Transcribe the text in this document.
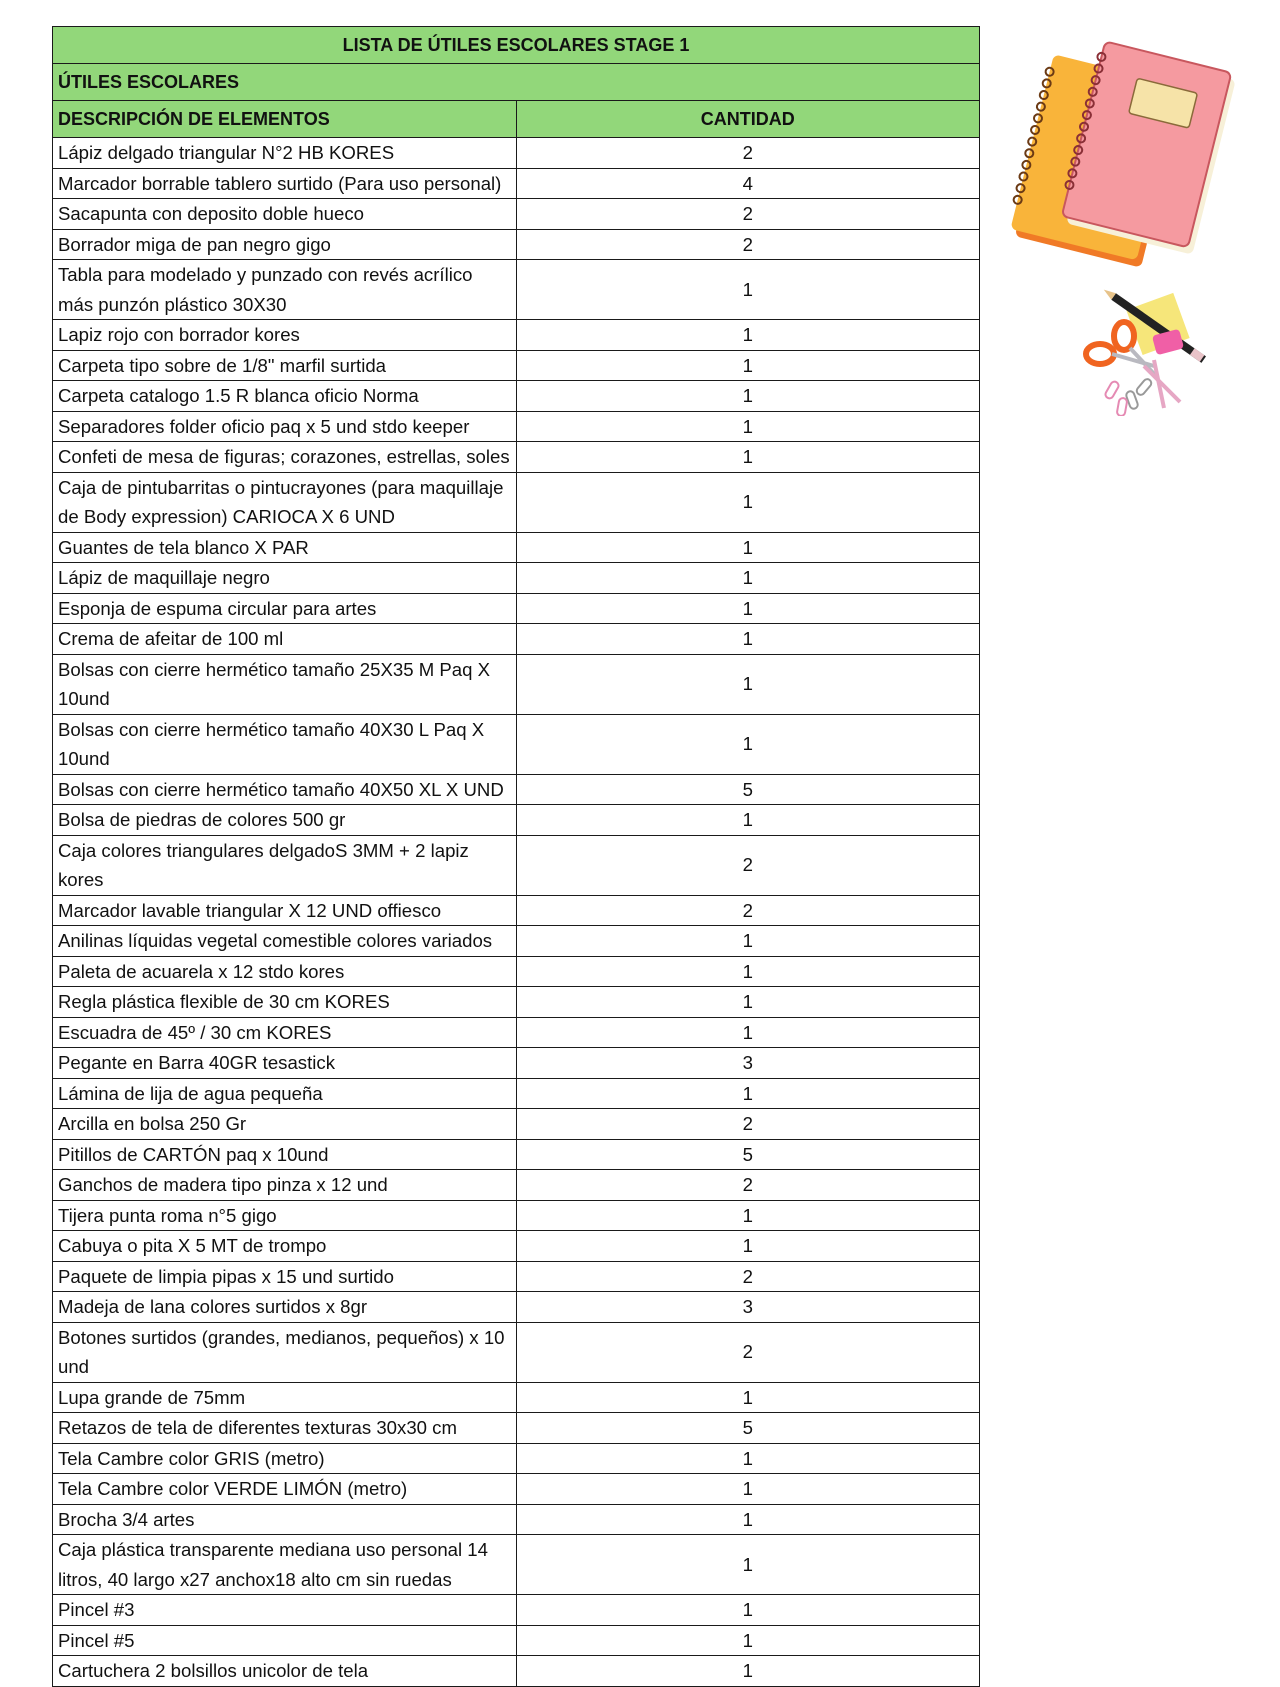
LISTA DE ÚTILES ESCOLARES STAGE 1	
ÚTILES ESCOLARES	
DESCRIPCIÓN DE ELEMENTOS	CANTIDAD
Lápiz delgado triangular N°2 HB KORES	2
Marcador borrable tablero surtido (Para uso personal)	4
Sacapunta con deposito doble hueco	2
Borrador miga de pan negro gigo	2
Tabla para modelado y punzado con revés acrílico más punzón plástico 30X30	1
Lapiz rojo con borrador kores	1
Carpeta tipo sobre de 1/8" marfil surtida	1
Carpeta catalogo 1.5 R blanca oficio Norma	1
Separadores folder oficio paq x 5 und stdo keeper	1
Confeti de mesa de figuras; corazones, estrellas, soles	1
Caja de pintubarritas o pintucrayones (para maquillaje de Body expression) CARIOCA X 6 UND	1
Guantes de tela blanco X PAR	1
Lápiz de maquillaje negro	1
Esponja de espuma circular para artes	1
Crema de afeitar de 100 ml	1
Bolsas con cierre hermético tamaño 25X35 M Paq X 10und	1
Bolsas con cierre hermético tamaño 40X30 L Paq X 10und	1
Bolsas con cierre hermético tamaño 40X50 XL X UND	5
Bolsa de piedras de colores 500 gr	1
Caja colores triangulares delgadoS 3MM + 2 lapiz kores	2
Marcador lavable triangular X 12 UND offiesco	2
Anilinas líquidas vegetal comestible colores variados	1
Paleta de acuarela x 12 stdo kores	1
Regla plástica flexible de 30 cm KORES	1
Escuadra de 45º / 30 cm KORES	1
Pegante en Barra 40GR tesastick	3
Lámina de lija de agua pequeña	1
Arcilla en bolsa 250 Gr	2
Pitillos de CARTÓN paq x 10und	5
Ganchos de madera tipo pinza x 12 und	2
Tijera punta roma n°5 gigo	1
Cabuya o pita X 5 MT de trompo	1
Paquete de limpia pipas x 15 und surtido	2
Madeja de lana colores surtidos x 8gr	3
Botones surtidos (grandes, medianos, pequeños) x 10 und	2
Lupa grande de 75mm	1
Retazos de tela de diferentes texturas 30x30 cm	5
Tela Cambre color GRIS (metro)	1
Tela Cambre color VERDE LIMÓN (metro)	1
Brocha 3/4 artes	1
Caja plástica transparente mediana uso personal 14 litros, 40 largo x27 anchox18 alto cm sin ruedas	1
Pincel #3	1
Pincel #5	1
Cartuchera 2 bolsillos unicolor de tela	1
